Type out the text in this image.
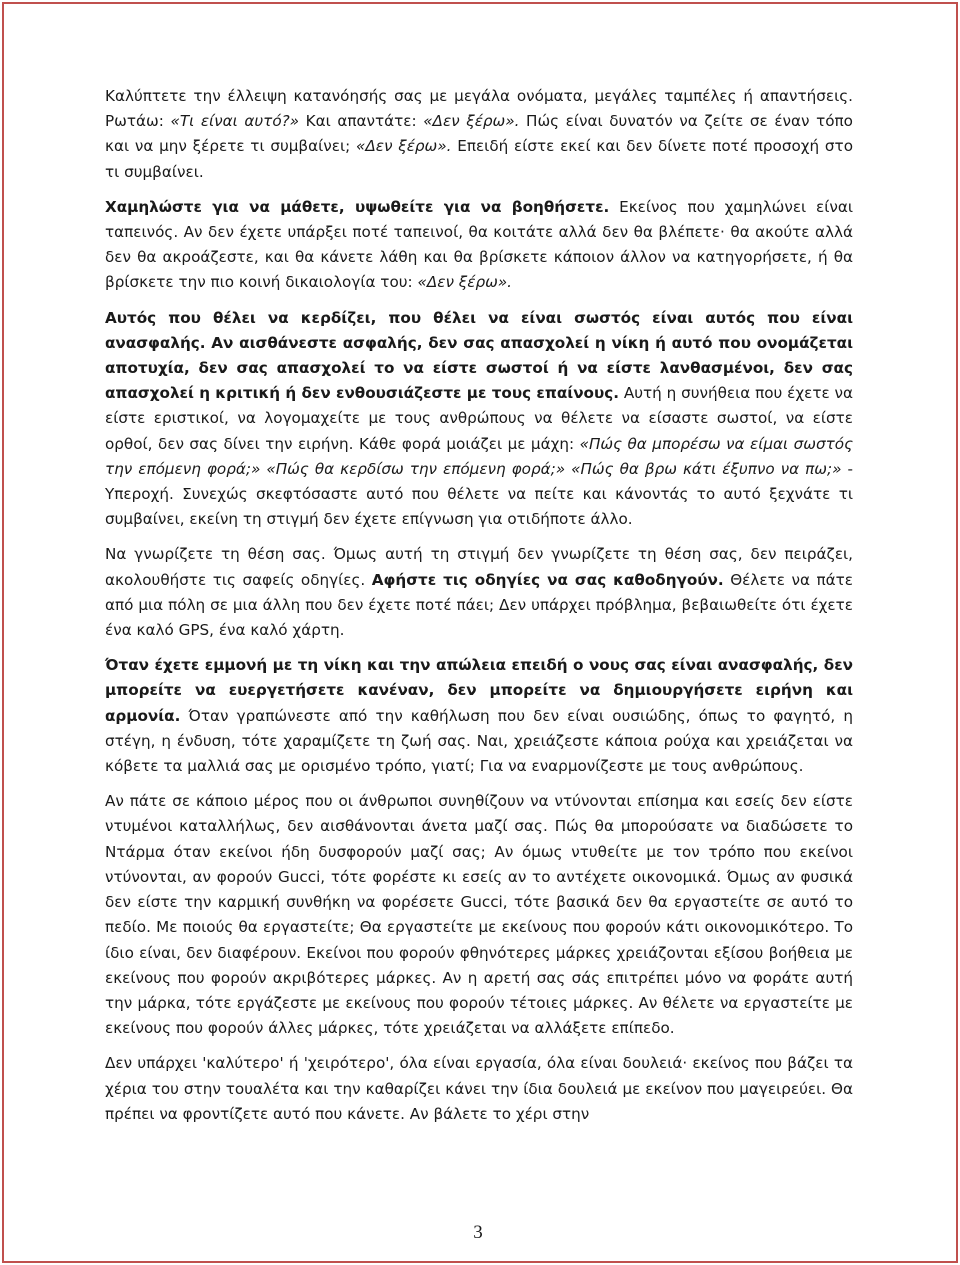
Καλύπτετε την έλλειψη κατανόησής σας με μεγάλα ονόματα, μεγάλες ταμπέλες ή απαντήσεις. Ρωτάω: «Τι είναι αυτό?» Και απαντάτε: «Δεν ξέρω». Πώς είναι δυνατόν να ζείτε σε έναν τόπο και να μην ξέρετε τι συμβαίνει; «Δεν ξέρω». Επειδή είστε εκεί και δεν δίνετε ποτέ προσοχή στο τι συμβαίνει.

Χαμηλώστε για να μάθετε, υψωθείτε για να βοηθήσετε. Εκείνος που χαμηλώνει είναι ταπεινός. Αν δεν έχετε υπάρξει ποτέ ταπεινοί, θα κοιτάτε αλλά δεν θα βλέπετε· θα ακούτε αλλά δεν θα ακροάζεστε, και θα κάνετε λάθη και θα βρίσκετε κάποιον άλλον να κατηγορήσετε, ή θα βρίσκετε την πιο κοινή δικαιολογία του: «Δεν ξέρω».

Αυτός που θέλει να κερδίζει, που θέλει να είναι σωστός είναι αυτός που είναι ανασφαλής. Αν αισθάνεστε ασφαλής, δεν σας απασχολεί η νίκη ή αυτό που ονομάζεται αποτυχία, δεν σας απασχολεί το να είστε σωστοί ή να είστε λανθασμένοι, δεν σας απασχολεί η κριτική ή δεν ενθουσιάζεστε με τους επαίνους. Αυτή η συνήθεια που έχετε να είστε εριστικοί, να λογομαχείτε με τους ανθρώπους να θέλετε να είσαστε σωστοί, να είστε ορθοί, δεν σας δίνει την ειρήνη. Κάθε φορά μοιάζει με μάχη: «Πώς θα μπορέσω να είμαι σωστός την επόμενη φορά;» «Πώς θα κερδίσω την επόμενη φορά;» «Πώς θα βρω κάτι έξυπνο να πω;» - Υπεροχή. Συνεχώς σκεφτόσαστε αυτό που θέλετε να πείτε και κάνοντάς το αυτό ξεχνάτε τι συμβαίνει, εκείνη τη στιγμή δεν έχετε επίγνωση για οτιδήποτε άλλο.

Να γνωρίζετε τη θέση σας. Όμως αυτή τη στιγμή δεν γνωρίζετε τη θέση σας, δεν πειράζει, ακολουθήστε τις σαφείς οδηγίες. Αφήστε τις οδηγίες να σας καθοδηγούν. Θέλετε να πάτε από μια πόλη σε μια άλλη που δεν έχετε ποτέ πάει; Δεν υπάρχει πρόβλημα, βεβαιωθείτε ότι έχετε ένα καλό GPS, ένα καλό χάρτη.

Όταν έχετε εμμονή με τη νίκη και την απώλεια επειδή ο νους σας είναι ανασφαλής, δεν μπορείτε να ευεργετήσετε κανέναν, δεν μπορείτε να δημιουργήσετε ειρήνη και αρμονία. Όταν γραπώνεστε από την καθήλωση που δεν είναι ουσιώδης, όπως το φαγητό, η στέγη, η ένδυση, τότε χαραμίζετε τη ζωή σας. Ναι, χρειάζεστε κάποια ρούχα και χρειάζεται να κόβετε τα μαλλιά σας με ορισμένο τρόπο, γιατί; Για να εναρμονίζεστε με τους ανθρώπους.

Αν πάτε σε κάποιο μέρος που οι άνθρωποι συνηθίζουν να ντύνονται επίσημα και εσείς δεν είστε ντυμένοι καταλλήλως, δεν αισθάνονται άνετα μαζί σας. Πώς θα μπορούσατε να διαδώσετε το Ντάρμα όταν εκείνοι ήδη δυσφορούν μαζί σας; Αν όμως ντυθείτε με τον τρόπο που εκείνοι ντύνονται, αν φορούν Gucci, τότε φορέστε κι εσείς αν το αντέχετε οικονομικά. Όμως αν φυσικά δεν είστε την καρμική συνθήκη να φορέσετε Gucci, τότε βασικά δεν θα εργαστείτε σε αυτό το πεδίο. Με ποιούς θα εργαστείτε; Θα εργαστείτε με εκείνους που φορούν κάτι οικονομικότερο. Το ίδιο είναι, δεν διαφέρουν. Εκείνοι που φορούν φθηνότερες μάρκες χρειάζονται εξίσου βοήθεια με εκείνους που φορούν ακριβότερες μάρκες. Αν η αρετή σας σάς επιτρέπει μόνο να φοράτε αυτή την μάρκα, τότε εργάζεστε με εκείνους που φορούν τέτοιες μάρκες. Αν θέλετε να εργαστείτε με εκείνους που φορούν άλλες μάρκες, τότε χρειάζεται να αλλάξετε επίπεδο.

Δεν υπάρχει 'καλύτερο' ή 'χειρότερο', όλα είναι εργασία, όλα είναι δουλειά· εκείνος που βάζει τα χέρια του στην τουαλέτα και την καθαρίζει κάνει την ίδια δουλειά με εκείνον που μαγειρεύει. Θα πρέπει να φροντίζετε αυτό που κάνετε. Αν βάλετε το χέρι στην

3
